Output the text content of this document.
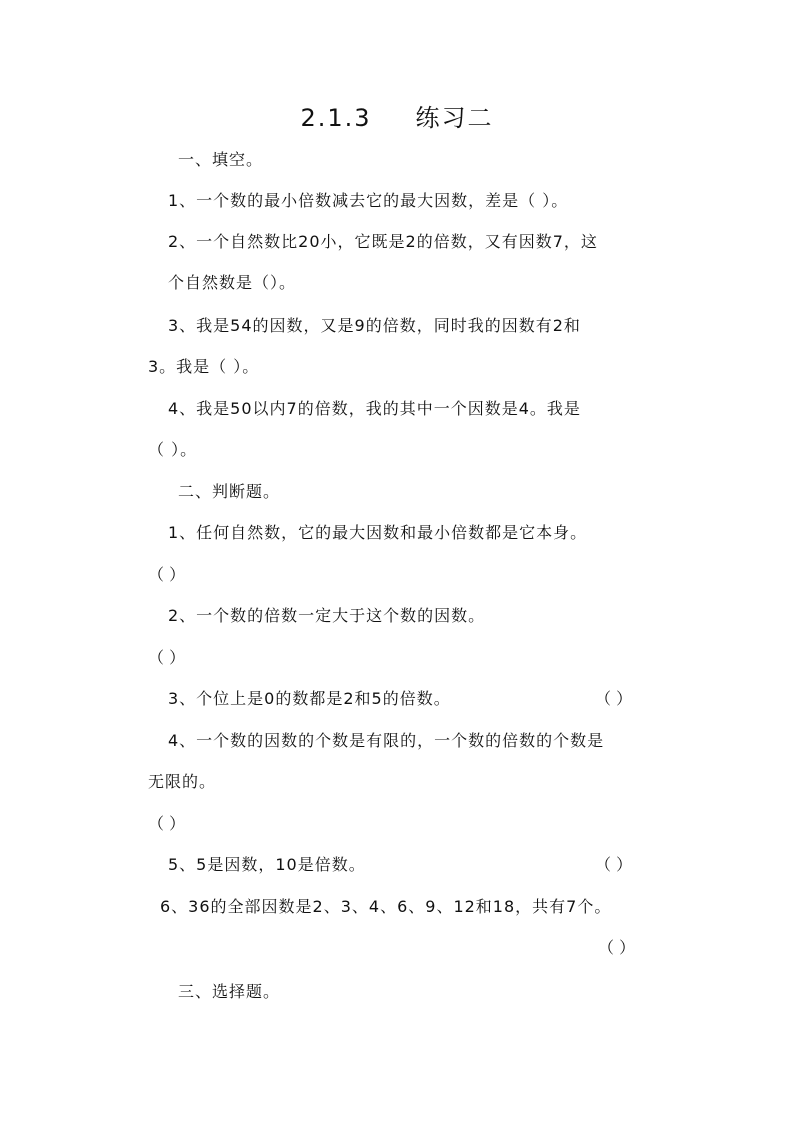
2.1.3 练习二
一、填空。
1、一个数的最小倍数减去它的最大因数，差是（ ）。
2、一个自然数比20小，它既是2的倍数，又有因数7，这
个自然数是（）。
3、我是54的因数，又是9的倍数，同时我的因数有2和
3。我是（ ）。
4、我是50以内7的倍数，我的其中一个因数是4。我是
（ ）。
二、判断题。
1、任何自然数，它的最大因数和最小倍数都是它本身。
（ ）
2、一个数的倍数一定大于这个数的因数。
（ ）
3、个位上是0的数都是2和5的倍数。	（ ）
4、一个数的因数的个数是有限的，一个数的倍数的个数是
无限的。
（ ）
5、5是因数，10是倍数。	（ ）
6、36的全部因数是2、3、4、6、9、12和18，共有7个。
（ ）
三、选择题。
